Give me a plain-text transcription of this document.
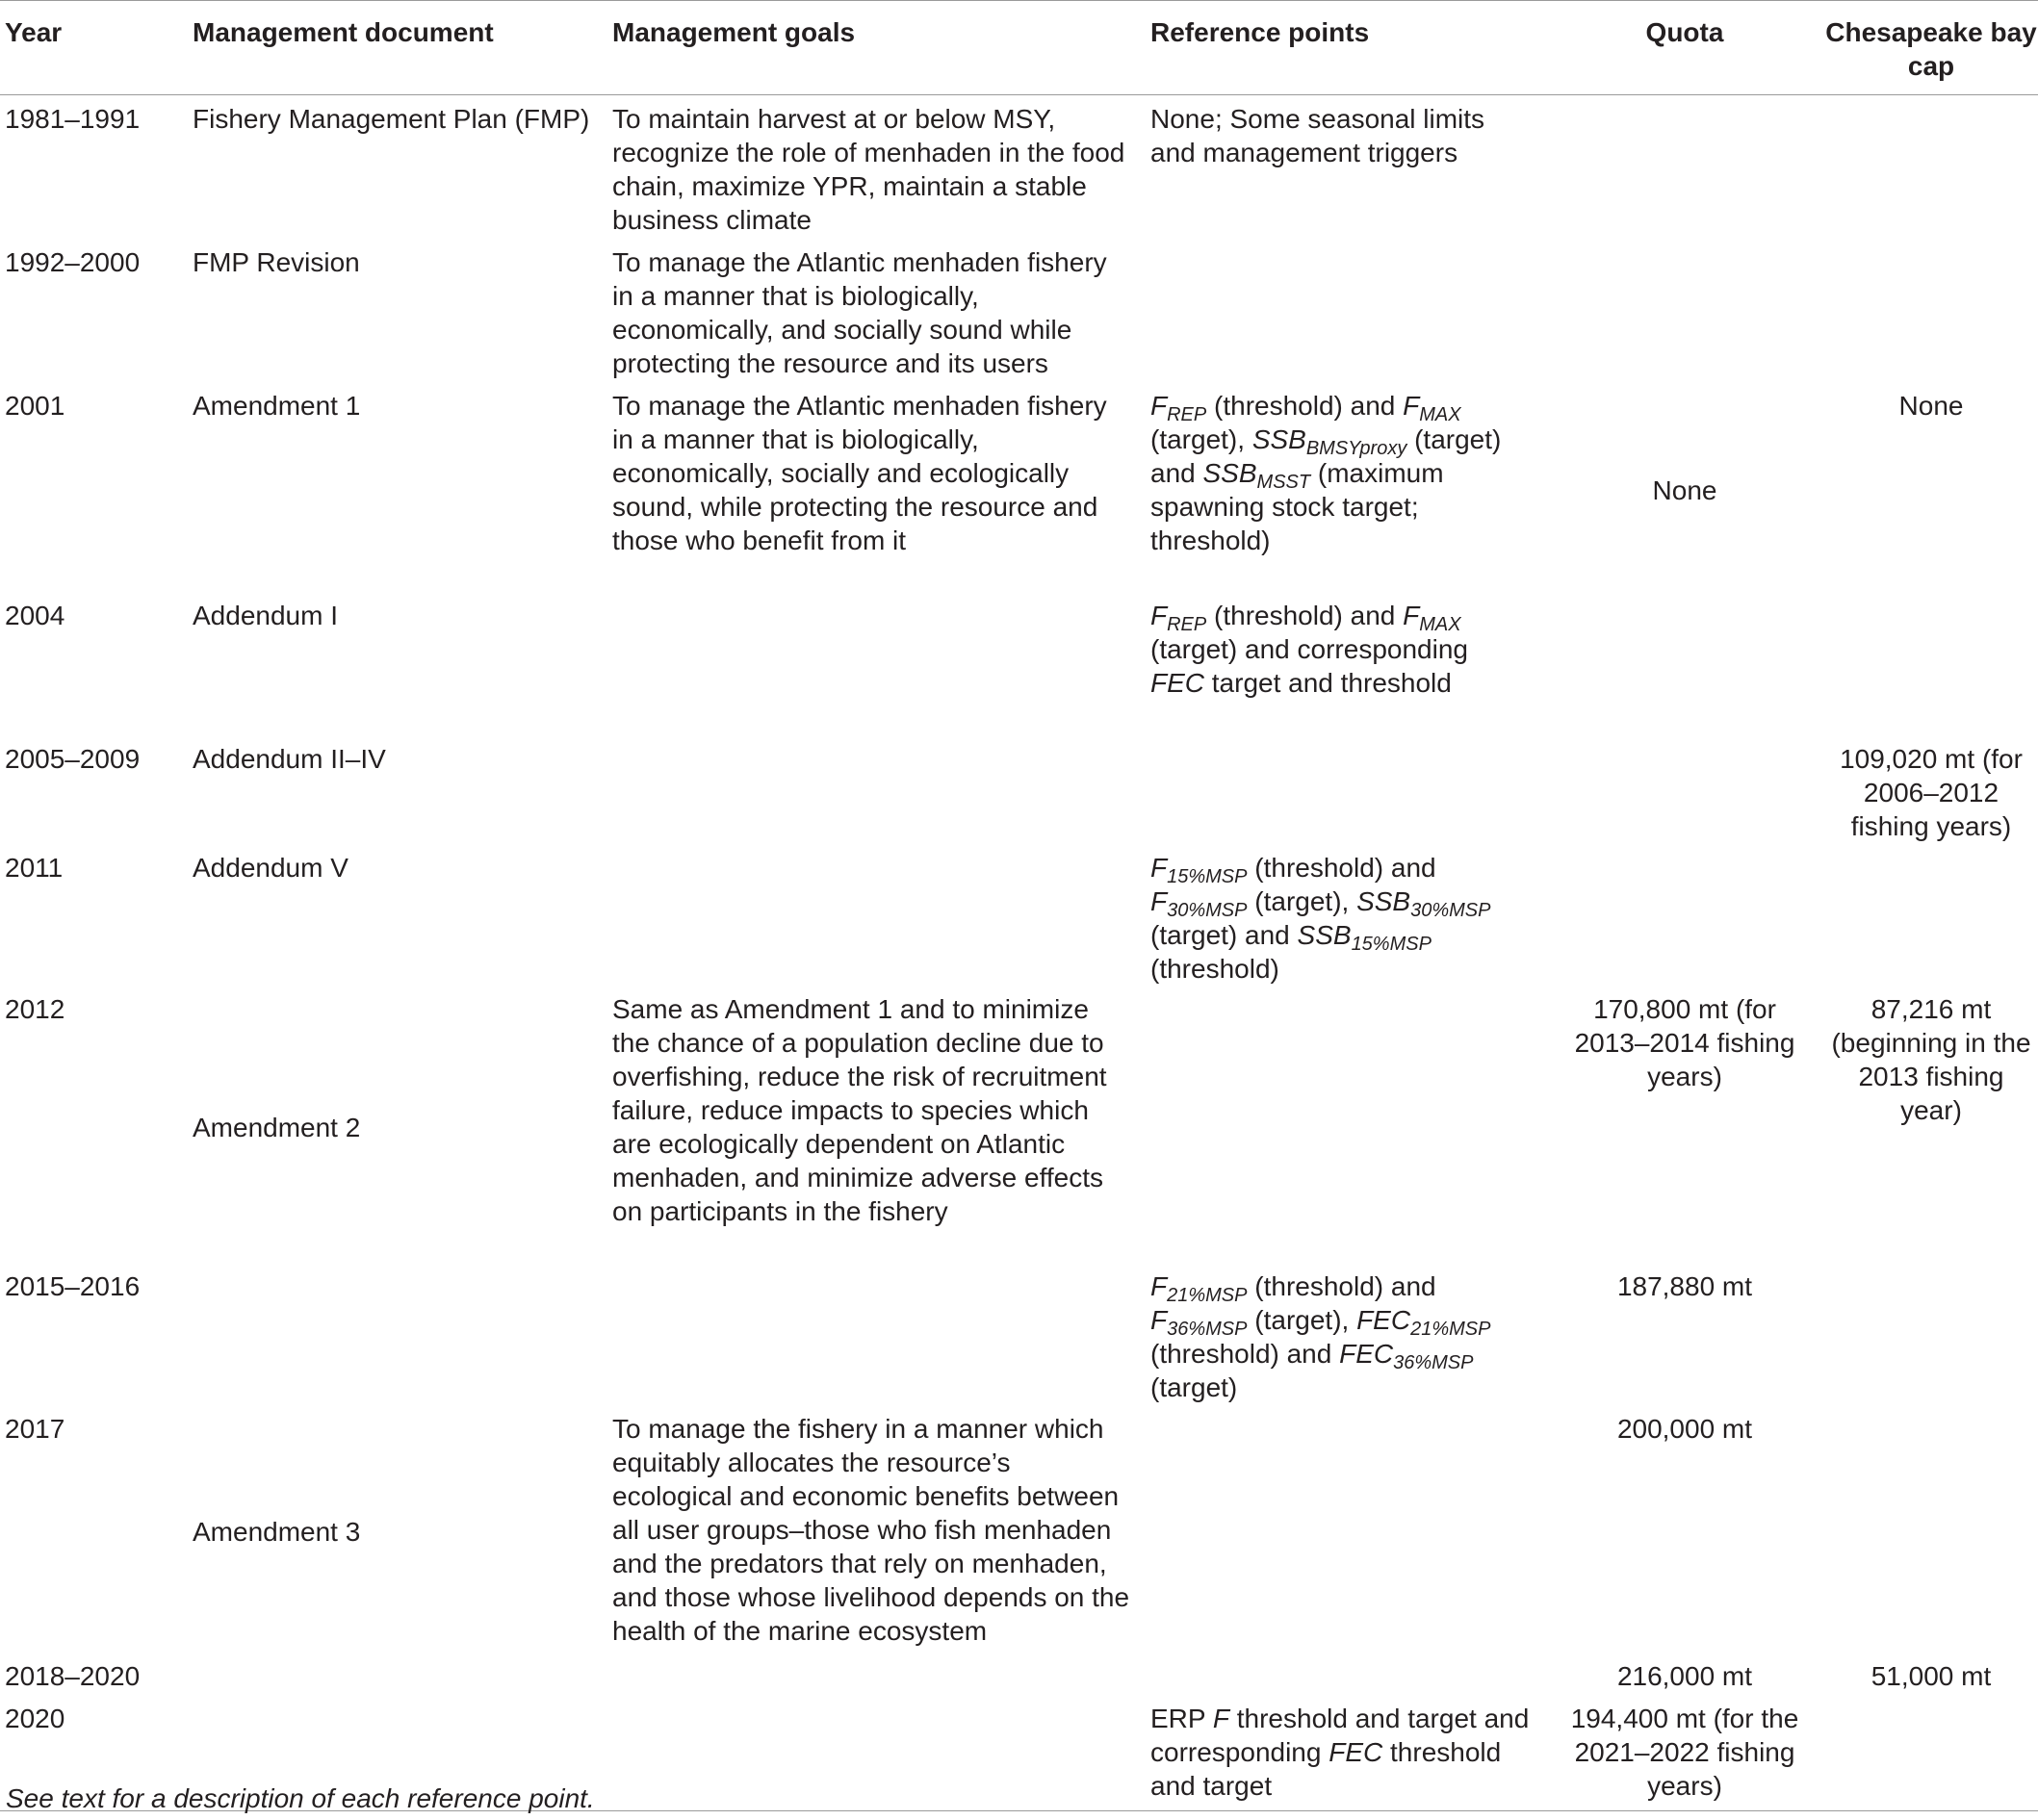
Year	Management document	Management goals	Reference points	Quota	Chesapeake bay cap
1981–1991	Fishery Management Plan (FMP)	To maintain harvest at or below MSY, recognize the role of menhaden in the food chain, maximize YPR, maintain a stable business climate	None; Some seasonal limits and management triggers		
1992–2000	FMP Revision	To manage the Atlantic menhaden fishery in a manner that is biologically, economically, and socially sound while protecting the resource and its users			
2001	Amendment 1	To manage the Atlantic menhaden fishery in a manner that is biologically, economically, socially and ecologically sound, while protecting the resource and those who benefit from it	$F_{REP}$ (threshold) and $F_{MAX}$ (target), $SSB_{BMSYproxy}$ (target) and $SSB_{MSST}$ (maximum spawning stock target; threshold)	None	None
2004	Addendum I		$F_{REP}$ (threshold) and $F_{MAX}$ (target) and corresponding FEC target and threshold		
2005–2009	Addendum II–IV				109,020 mt (for 2006–2012 fishing years)
2011	Addendum V		$F_{15\%MSP}$ (threshold) and $F_{30\%MSP}$ (target), $SSB_{30\%MSP}$ (target) and $SSB_{15\%MSP}$ (threshold)		
2012	Amendment 2	Same as Amendment 1 and to minimize the chance of a population decline due to overfishing, reduce the risk of recruitment failure, reduce impacts to species which are ecologically dependent on Atlantic menhaden, and minimize adverse effects on participants in the fishery		170,800 mt (for 2013–2014 fishing years)	87,216 mt (beginning in the 2013 fishing year)

2015–2016			$F_{21\%MSP}$ (threshold) and $F_{36\%MSP}$ (target), $FEC_{21\%MSP}$ (threshold) and $FEC_{36\%MSP}$ (target)	187,880 mt	
2017	Amendment 3	To manage the fishery in a manner which equitably allocates the resource’s ecological and economic benefits between all user groups–those who fish menhaden and the predators that rely on menhaden, and those whose livelihood depends on the health of the marine ecosystem		200,000 mt	

2018–2020				216,000 mt	51,000 mt
2020			ERP F threshold and target and corresponding FEC threshold and target	194,400 mt (for the 2021–2022 fishing years)	
See text for a description of each reference point.
